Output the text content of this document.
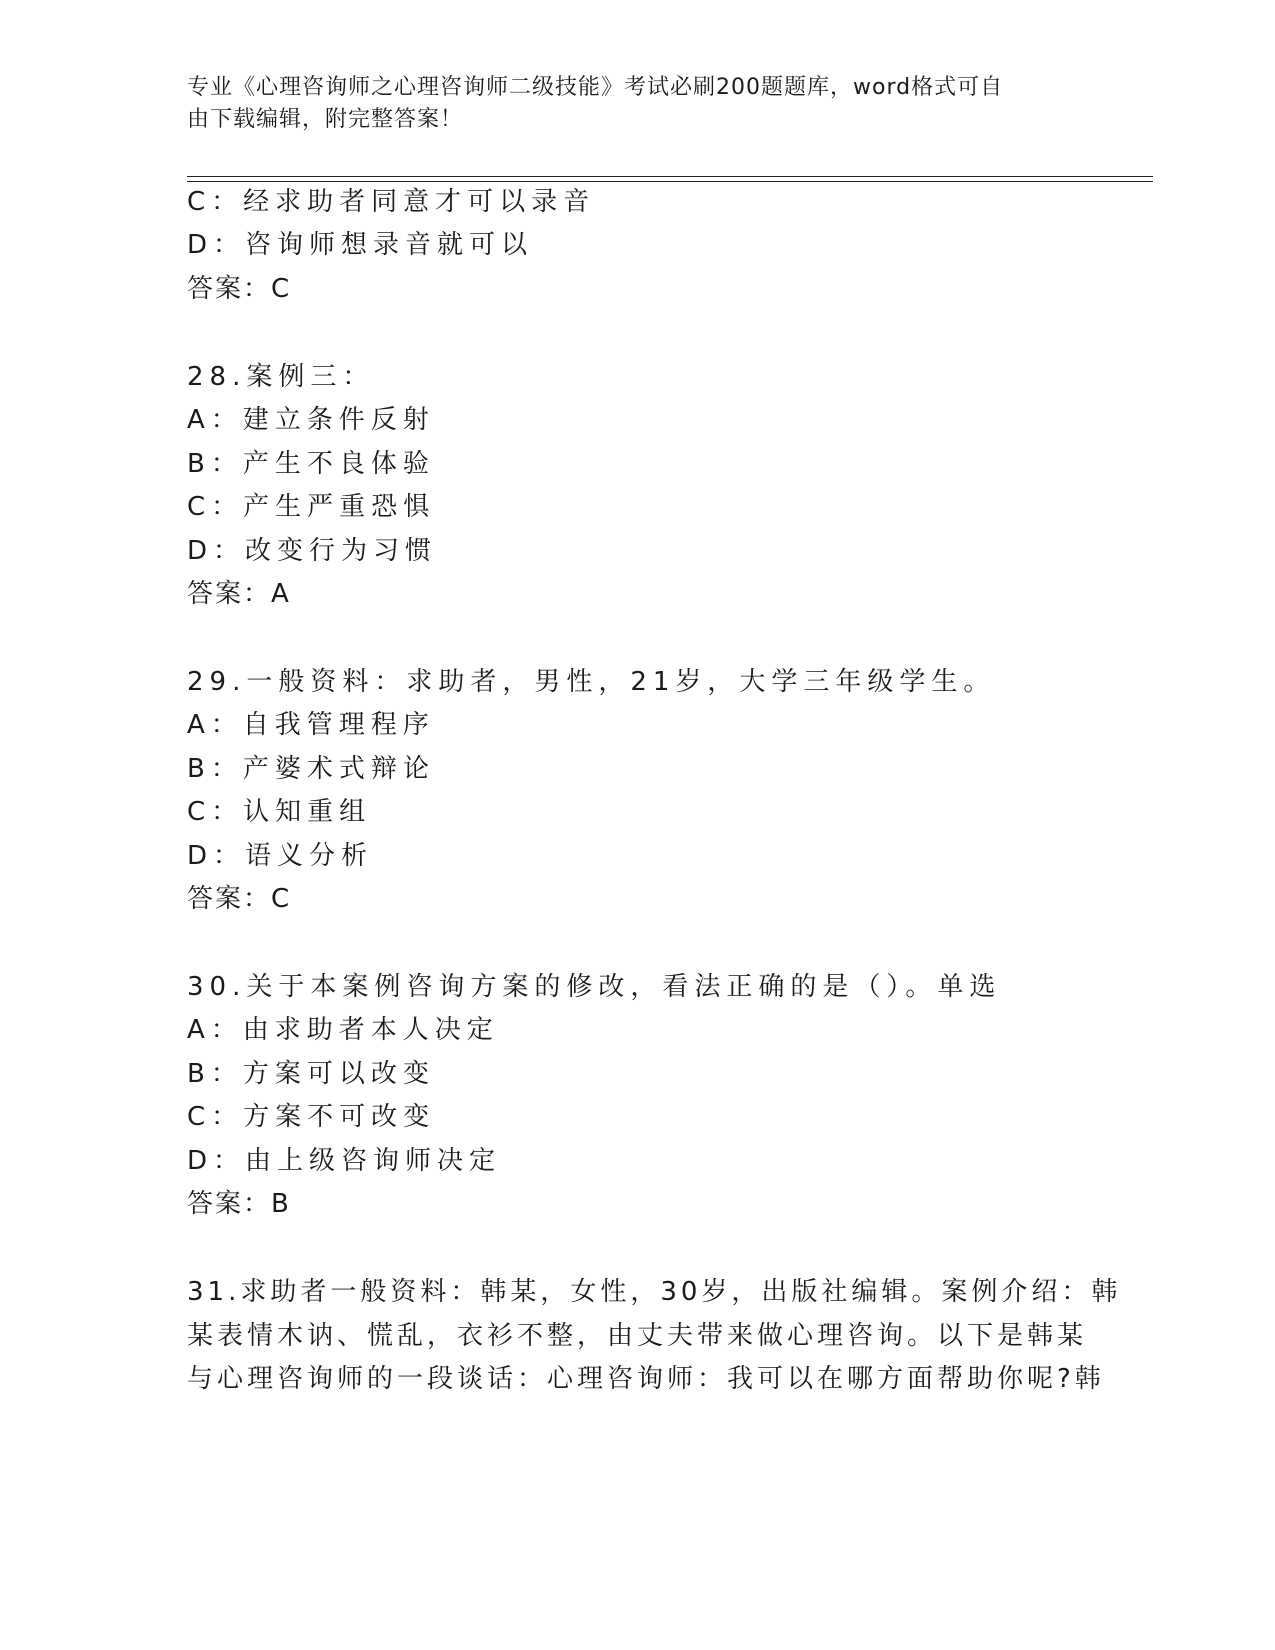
专业《心理咨询师之心理咨询师二级技能》考试必刷200题题库，word格式可自
由下载编辑，附完整答案！
C：经求助者同意才可以录音
D：咨询师想录音就可以
答案：C
28.案例三：
A：建立条件反射
B：产生不良体验
C：产生严重恐惧
D：改变行为习惯
答案：A
29.一般资料：求助者，男性，21岁，大学三年级学生。
A：自我管理程序
B：产婆术式辩论
C：认知重组
D：语义分析
答案：C
30.关于本案例咨询方案的修改，看法正确的是（）。单选
A：由求助者本人决定
B：方案可以改变
C：方案不可改变
D：由上级咨询师决定
答案：B
31.求助者一般资料：韩某，女性，30岁，出版社编辑。案例介绍：韩
某表情木讷、慌乱，衣衫不整，由丈夫带来做心理咨询。以下是韩某
与心理咨询师的一段谈话：心理咨询师：我可以在哪方面帮助你呢?韩
